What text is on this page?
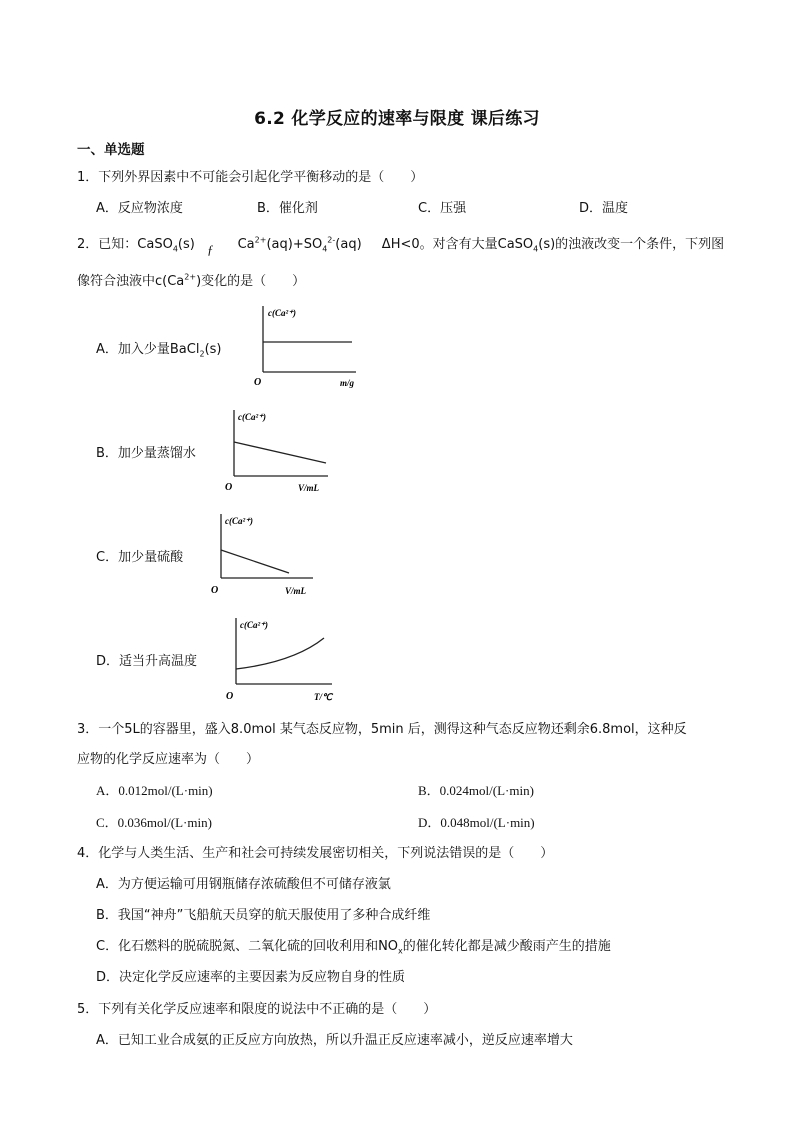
6.2 化学反应的速率与限度 课后练习
一、单选题
1．下列外界因素中不可能会引起化学平衡移动的是（　　）
A．反应物浓度	B．催化剂	C．压强	D．温度
2．已知：CaSO$_4$(s) ƒ $Ca^{2+}(aq)+SO_4^{2-}(aq)$ ΔH<0。对含有大量CaSO$_4$(s)的浊液改变一个条件，下列图
像符合浊液中$c(Ca^{2+})$变化的是（　　）
A．加入少量BaCl$_2$(s)
c(Ca²⁺)
O	m/g
B．加少量蒸馏水
c(Ca²⁺)
O	V/mL
C．加少量硫酸
c(Ca²⁺)
O	V/mL
D．适当升高温度
c(Ca²⁺)
O	T/℃
3．一个5L的容器里，盛入8.0mol 某气态反应物，5min 后，测得这种气态反应物还剩余6.8mol，这种反
应物的化学反应速率为（　　）
A．0.012mol/(L·min)	B．0.024mol/(L·min)
C．0.036mol/(L·min)	D．0.048mol/(L·min)
4．化学与人类生活、生产和社会可持续发展密切相关，下列说法错误的是（　　）
A．为方便运输可用钢瓶储存浓硫酸但不可储存液氯
B．我国“神舟”飞船航天员穿的航天服使用了多种合成纤维
C．化石燃料的脱硫脱氮、二氧化硫的回收利用和$NO_x$的催化转化都是减少酸雨产生的措施
D．决定化学反应速率的主要因素为反应物自身的性质
5．下列有关化学反应速率和限度的说法中不正确的是（　　）
A．已知工业合成氨的正反应方向放热，所以升温正反应速率减小，逆反应速率增大
